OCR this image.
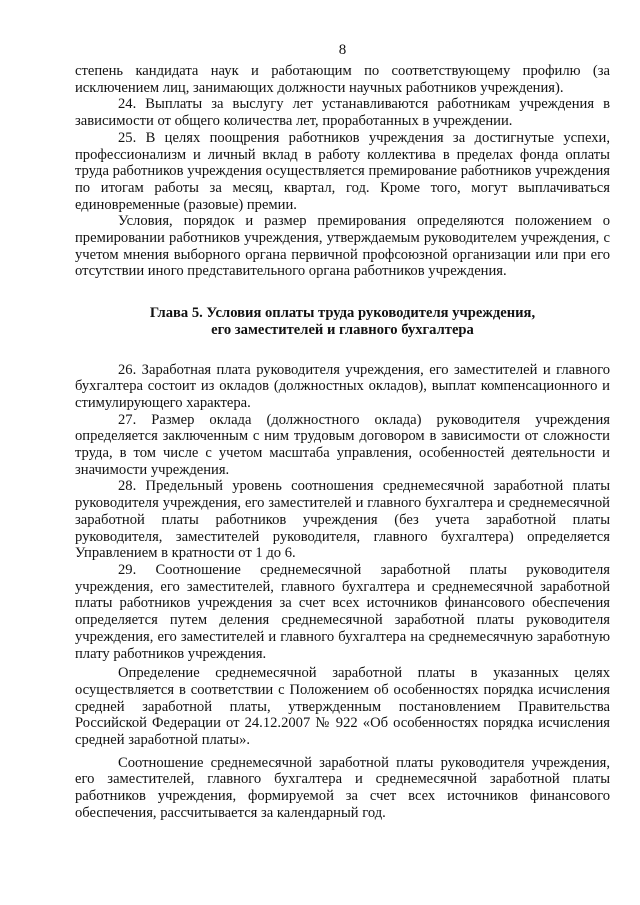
8

степень кандидата наук и работающим по соответствующему профилю (за исключением лиц, занимающих должности научных работников учреждения).

24. Выплаты за выслугу лет устанавливаются работникам учреждения в зависимости от общего количества лет, проработанных в учреждении.

25. В целях поощрения работников учреждения за достигнутые успехи, профессионализм и личный вклад в работу коллектива в пределах фонда оплаты труда работников учреждения осуществляется премирование работников учреждения по итогам работы за месяц, квартал, год. Кроме того, могут выплачиваться единовременные (разовые) премии.

Условия, порядок и размер премирования определяются положением о премировании работников учреждения, утверждаемым руководителем учреждения, с учетом мнения выборного органа первичной профсоюзной организации или при его отсутствии иного представительного органа работников учреждения.

Глава 5. Условия оплаты труда руководителя учреждения,
его заместителей и главного бухгалтера

26. Заработная плата руководителя учреждения, его заместителей и главного бухгалтера состоит из окладов (должностных окладов), выплат компенсационного и стимулирующего характера.

27. Размер оклада (должностного оклада) руководителя учреждения определяется заключенным с ним трудовым договором в зависимости от сложности труда, в том числе с учетом масштаба управления, особенностей деятельности и значимости учреждения.

28. Предельный уровень соотношения среднемесячной заработной платы руководителя учреждения, его заместителей и главного бухгалтера и среднемесячной заработной платы работников учреждения (без учета заработной платы руководителя, заместителей руководителя, главного бухгалтера) определяется Управлением в кратности от 1 до 6.

29. Соотношение среднемесячной заработной платы руководителя учреждения, его заместителей, главного бухгалтера и среднемесячной заработной платы работников учреждения за счет всех источников финансового обеспечения определяется путем деления среднемесячной заработной платы руководителя учреждения, его заместителей и главного бухгалтера на среднемесячную заработную плату работников учреждения.

Определение среднемесячной заработной платы в указанных целях осуществляется в соответствии с Положением об особенностях порядка исчисления средней заработной платы, утвержденным постановлением Правительства Российской Федерации от 24.12.2007 № 922 «Об особенностях порядка исчисления средней заработной платы».

Соотношение среднемесячной заработной платы руководителя учреждения, его заместителей, главного бухгалтера и среднемесячной заработной платы работников учреждения, формируемой за счет всех источников финансового обеспечения, рассчитывается за календарный год.
